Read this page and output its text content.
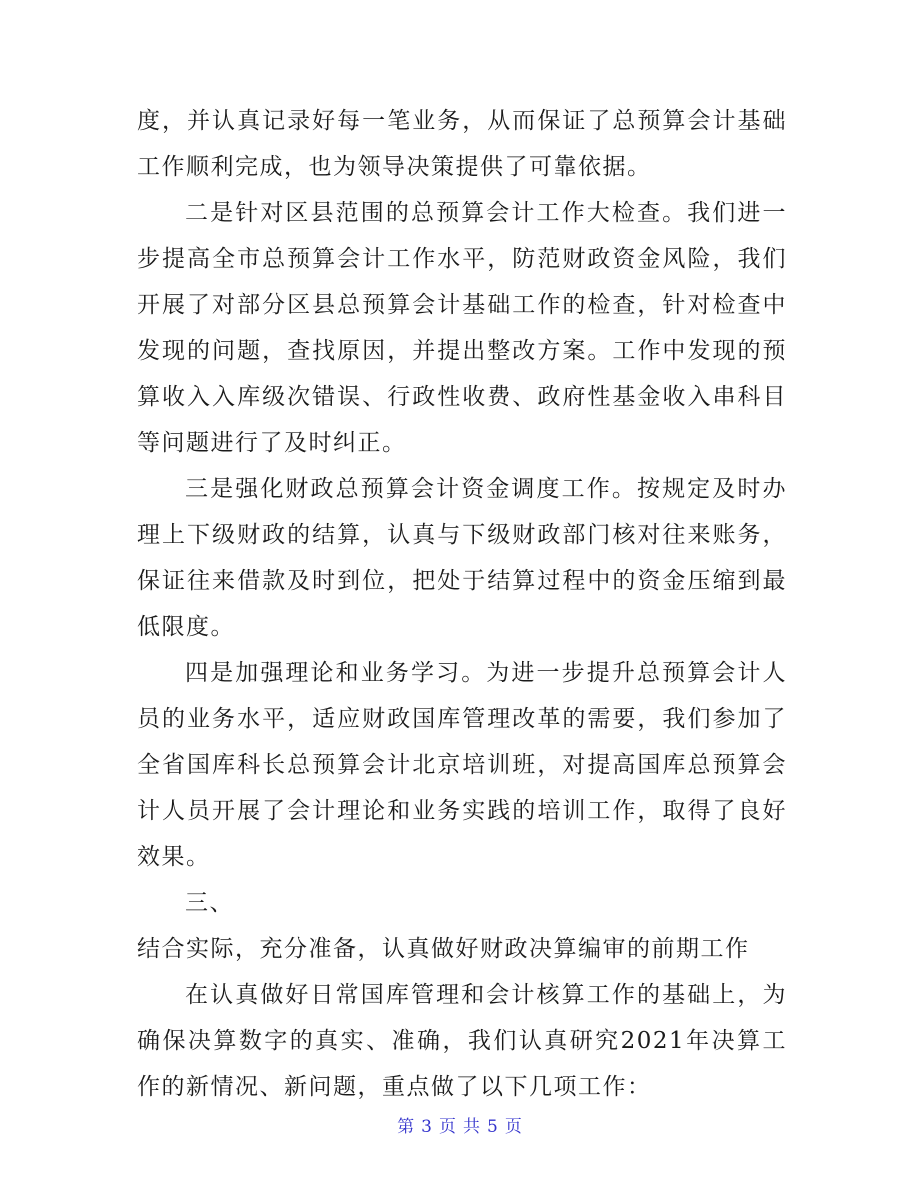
度，并认真记录好每一笔业务，从而保证了总预算会计基础工作顺利完成，也为领导决策提供了可靠依据。

二是针对区县范围的总预算会计工作大检查。我们进一步提高全市总预算会计工作水平，防范财政资金风险，我们开展了对部分区县总预算会计基础工作的检查，针对检查中发现的问题，查找原因，并提出整改方案。工作中发现的预算收入入库级次错误、行政性收费、政府性基金收入串科目等问题进行了及时纠正。

三是强化财政总预算会计资金调度工作。按规定及时办理上下级财政的结算，认真与下级财政部门核对往来账务，保证往来借款及时到位，把处于结算过程中的资金压缩到最低限度。

四是加强理论和业务学习。为进一步提升总预算会计人员的业务水平，适应财政国库管理改革的需要，我们参加了全省国库科长总预算会计北京培训班，对提高国库总预算会计人员开展了会计理论和业务实践的培训工作，取得了良好效果。

三、

结合实际，充分准备，认真做好财政决算编审的前期工作

在认真做好日常国库管理和会计核算工作的基础上，为确保决算数字的真实、准确，我们认真研究2021年决算工作的新情况、新问题，重点做了以下几项工作：

第 3 页 共 5 页
